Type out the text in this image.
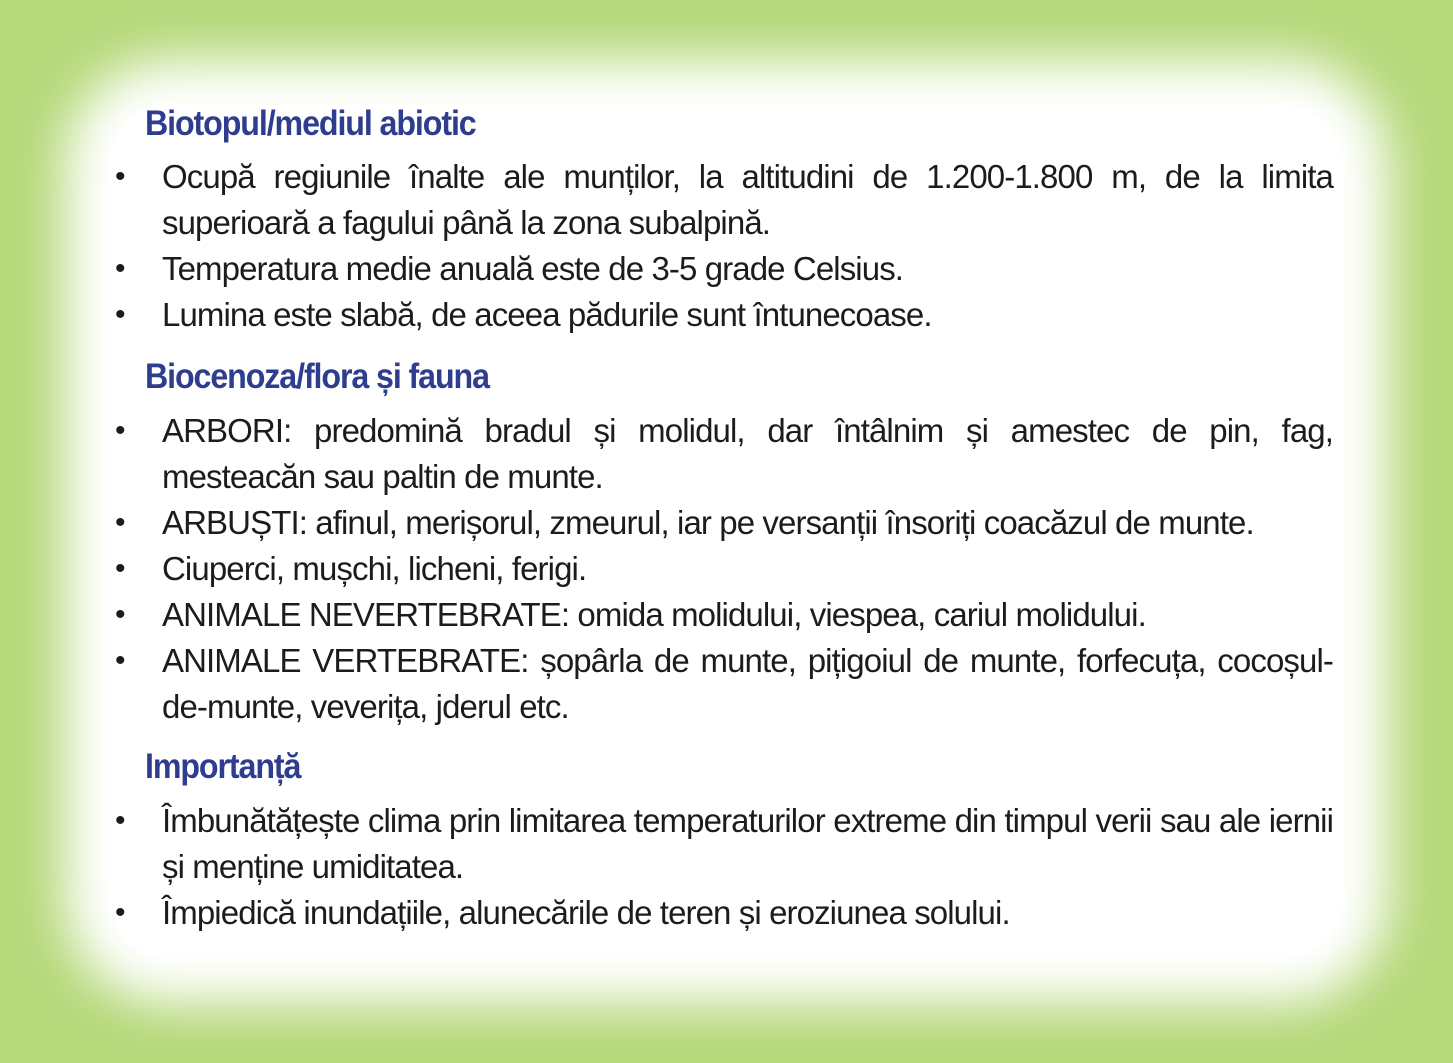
Biotopul/mediul abiotic
• Ocupă regiunile înalte ale munților, la altitudini de 1.200-1.800 m, de la limita superioară a fagului până la zona subalpină.
• Temperatura medie anuală este de 3-5 grade Celsius.
• Lumina este slabă, de aceea pădurile sunt întunecoase.
Biocenoza/flora și fauna
• ARBORI: predomină bradul și molidul, dar întâlnim și amestec de pin, fag, mesteacăn sau paltin de munte.
• ARBUȘTI: afinul, merișorul, zmeurul, iar pe versanții însoriți coacăzul de munte.
• Ciuperci, mușchi, licheni, ferigi.
• ANIMALE NEVERTEBRATE: omida molidului, viespea, cariul molidului.
• ANIMALE VERTEBRATE: șopârla de munte, pițigoiul de munte, forfecuța, cocoșul-de-munte, veverița, jderul etc.
Importanță
• Îmbunătățește clima prin limitarea temperaturilor extreme din timpul verii sau ale iernii și menține umiditatea.
• Împiedică inundațiile, alunecările de teren și eroziunea solului.
